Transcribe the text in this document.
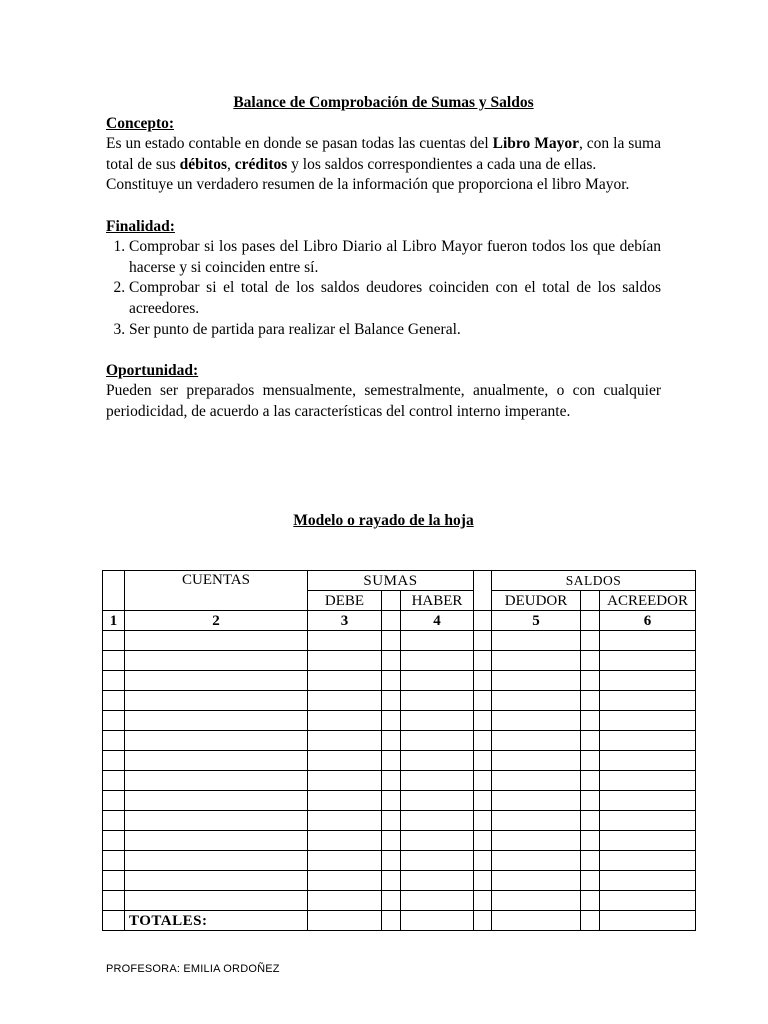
Balance de Comprobación de Sumas y Saldos
Concepto:
Es un estado contable en donde se pasan todas las cuentas del Libro Mayor, con la suma total de sus débitos, créditos y los saldos correspondientes a cada una de ellas.
Constituye un verdadero resumen de la información que proporciona el libro Mayor.
Finalidad:
1. Comprobar si los pases del Libro Diario al Libro Mayor fueron todos los que debían hacerse y si coinciden entre sí.
2. Comprobar si el total de los saldos deudores coinciden con el total de los saldos acreedores.
3. Ser punto de partida para realizar el Balance General.
Oportunidad:
Pueden ser preparados mensualmente, semestralmente, anualmente, o con cualquier periodicidad, de acuerdo a las características del control interno imperante.
Modelo o rayado de la hoja
	CUENTAS	SUMAS				SALDOS		
		DEBE		HABER		DEUDOR		ACREEDOR
1	2	3		4		5		6

	TOTALES:							
PROFESORA: EMILIA ORDOÑEZ
